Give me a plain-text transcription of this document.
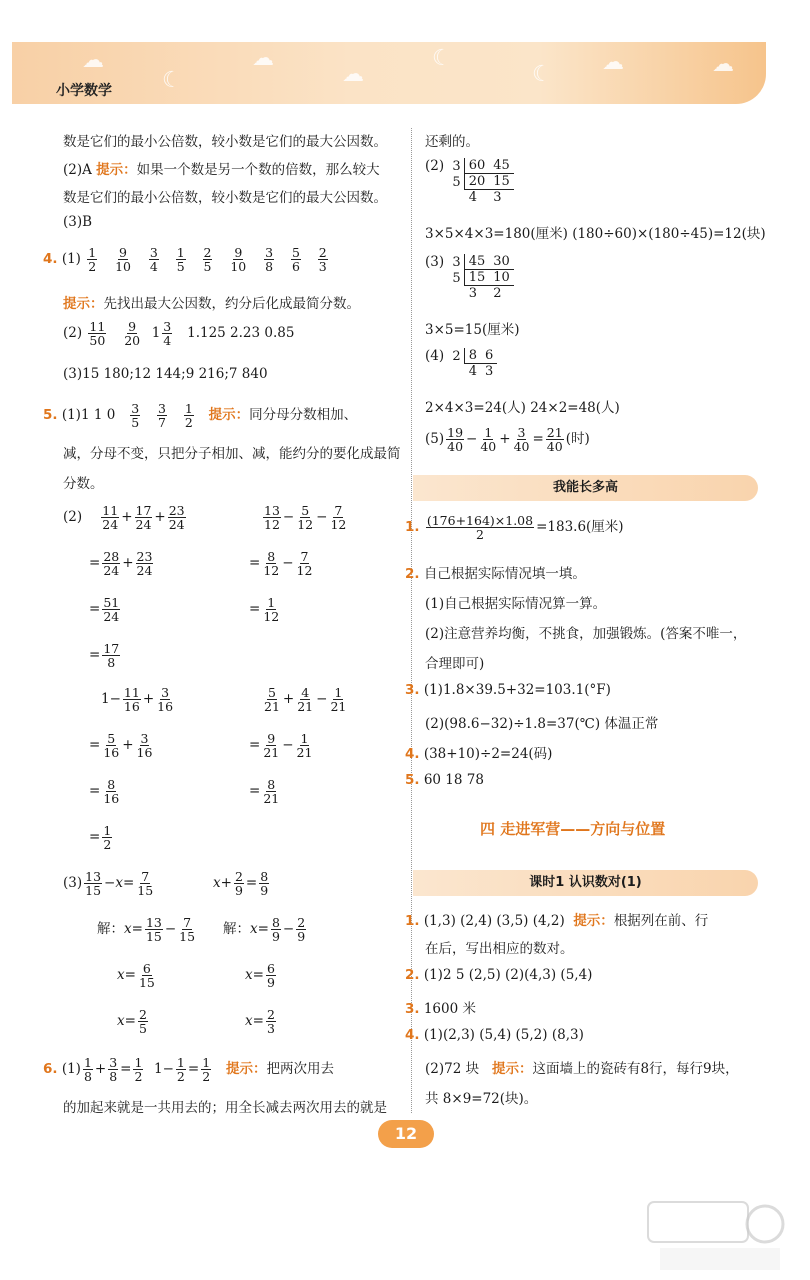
☁
☾
☁
☁
☾
☾ ☁	☁
小学数学
数是它们的最小公倍数，较小数是它们的最大公因数。
(2)A 提示：如果一个数是另一个数的倍数，那么较大
数是它们的最小公倍数，较小数是它们的最大公因数。
(3)B
4. $(1) \frac{1}{2}$
$\frac{9}{10}$
$\frac{3}{4}$
$\frac{1}{5}$
$\frac{2}{5}$
$\frac{9}{10}$
$\frac{3}{8}$
$\frac{5}{6}$
$\frac{2}{3}$
提示：先找出最大公因数，约分后化成最简分数。
$(2) \frac{11}{50}$
$\frac{9}{20} 1 \frac{3}{4} 1.125$ 2.23 0.85
(3)15 180;12 144;9 216;7 840
5. (1)1 1 $0 \frac{3}{5}$
$\frac{3}{7}$
$\frac{1}{2}$ 提示：同分母分数相加、
减，分母不变，只把分子相加、减，能约分的要化成最简
分数。
$(2) \frac{11}{24} + \frac{17}{24} + \frac{23}{24}$	$\frac{13}{12} - \frac{5}{12} - \frac{7}{12}$
= $\frac{28}{24} + \frac{23}{24}$	= $\frac{8}{12} - \frac{7}{12}$
= $\frac{51}{24}$	= $\frac{1}{12}$
= $\frac{17}{8}$
$1- \frac{11}{16} + \frac{3}{16}$	$\frac{5}{21} + \frac{4}{21} - \frac{1}{21}$
= $\frac{5}{16} + \frac{3}{16}$	= $\frac{9}{21} - \frac{1}{21}$
= $\frac{8}{16}$	= $\frac{8}{21}$
= $\frac{1}{2}$
$(3) \frac{13}{15} -x= \frac{7}{15}$	$x+ \frac{2}{9} = \frac{8}{9}$
解：$x= \frac{13}{15} - \frac{7}{15}$ 解：$x= \frac{8}{9} - \frac{2}{9}$
$x= \frac{6}{15}$	$x= \frac{6}{9}$
$x= \frac{2}{5}$	$x= \frac{2}{3}$
6. $(1) \frac{1}{8} + \frac{3}{8} = \frac{1}{2} 1- \frac{1}{2} = \frac{1}{2}$ 提示：把两次用去
的加起来就是一共用去的；用全长减去两次用去的就是
还剩的。
(2) 3	60	45
5	20	15
	4	3
3×5×4×3=180(厘米) (180÷60)×(180÷45)=12(块)
(3) 3	45	30
5	15	10
	3	2
3×5=15(厘米)
(4) 2	8	6
	4	3
2×4×3=24(人) 24×2=48(人)
$(5) \frac{19}{40} - \frac{1}{40} + \frac{3}{40} = \frac{21}{40}$ (时)
我能长多高
1. $\frac{(176+164)\times 1.08}{2} =183.6$(厘米)
2. 自己根据实际情况填一填。
(1)自己根据实际情况算一算。
(2)注意营养均衡，不挑食，加强锻炼。(答案不唯一，
合理即可)
3. (1)1.8×39.5+32=103.1(°F)
(2)(98.6−32)÷1.8=37(℃) 体温正常
4. (38+10)÷2=24(码)
5. 60 18 78
四 走进军营——方向与位置
课时1 认识数对(1)
1. (1,3) (2,4) (3,5) (4,2) 提示：根据列在前、行
在后，写出相应的数对。
2. (1)2 5 (2,5) (2)(4,3) (5,4)
3. 1600 米
4. (1)(2,3) (5,4) (5,2) (8,3)
(2)72 块 提示：这面墙上的瓷砖有8行，每行9块，
共 8×9=72(块)。
12
